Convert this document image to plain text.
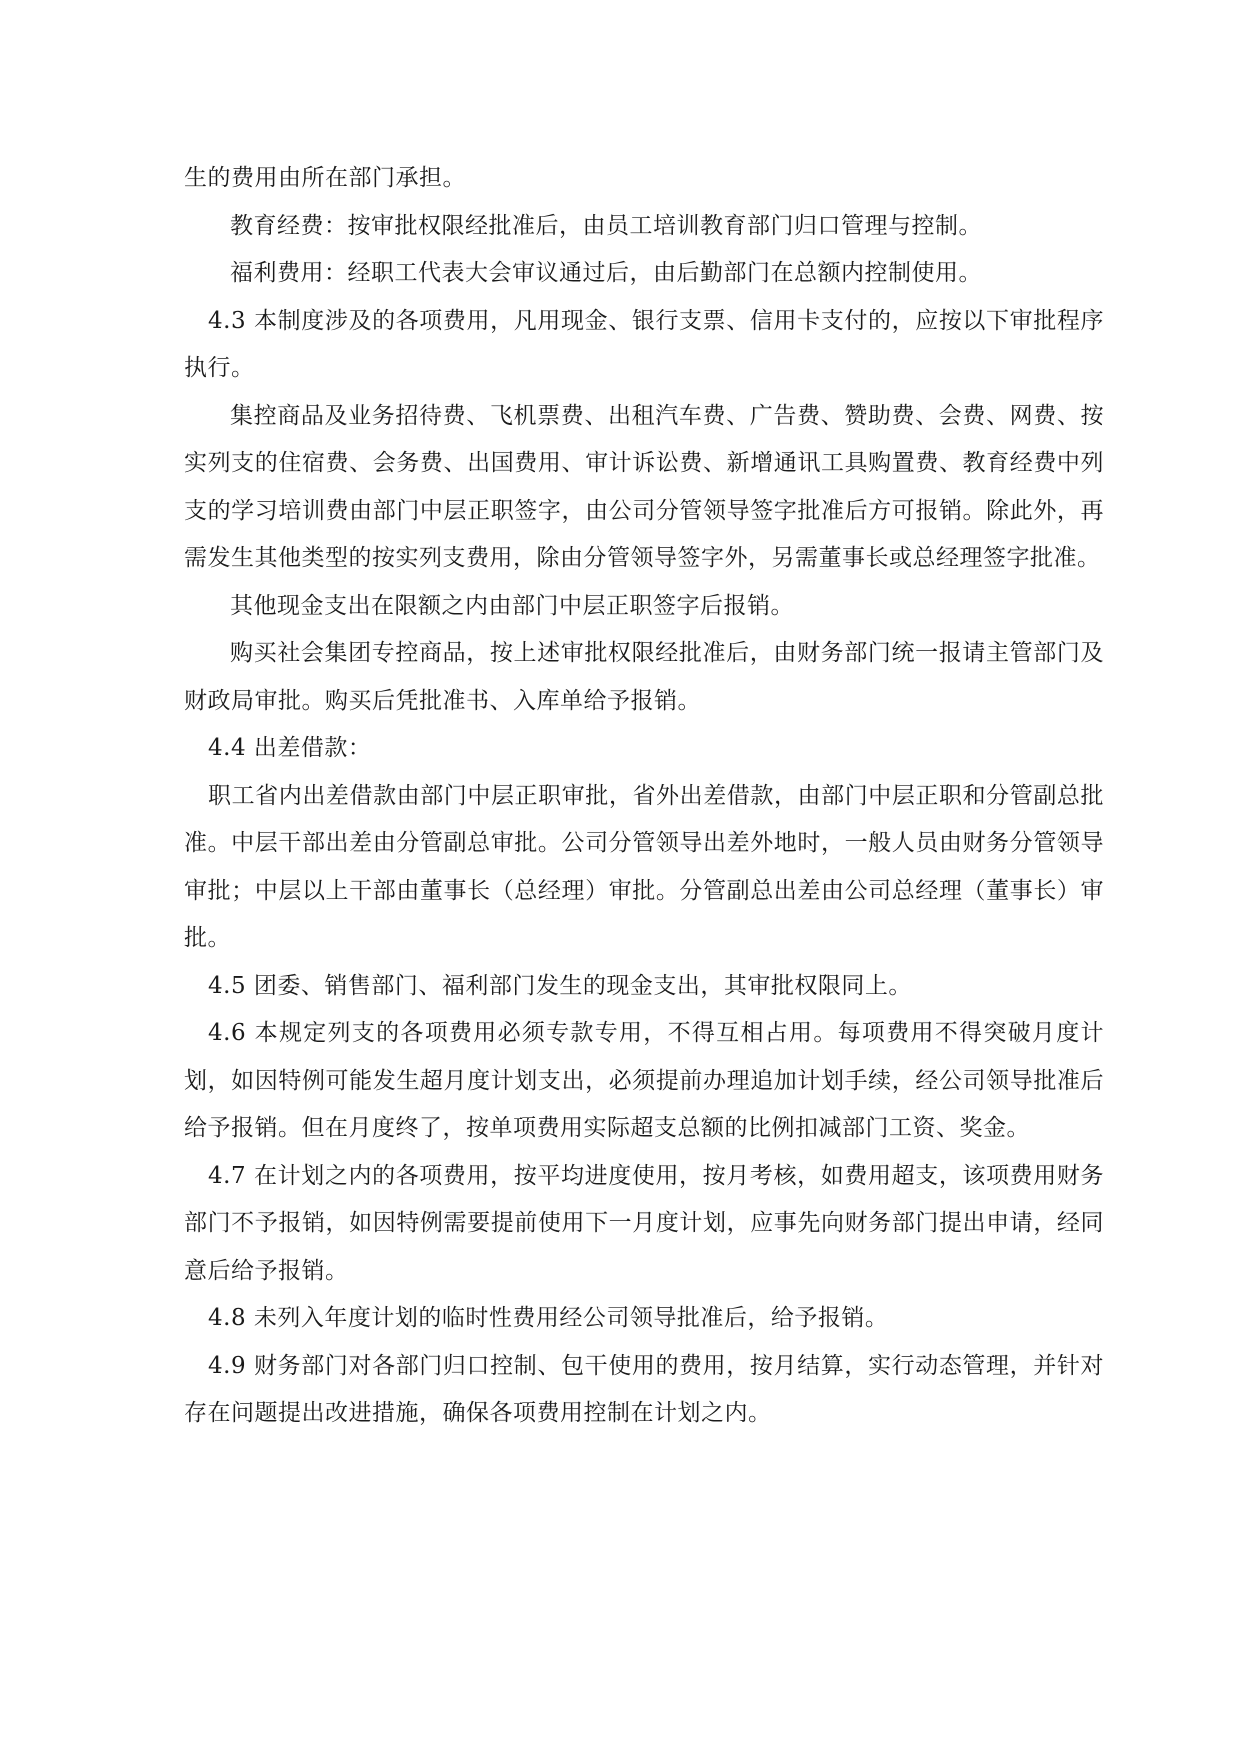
生的费用由所在部门承担。

教育经费：按审批权限经批准后，由员工培训教育部门归口管理与控制。

福利费用：经职工代表大会审议通过后，由后勤部门在总额内控制使用。

4.3 本制度涉及的各项费用，凡用现金、银行支票、信用卡支付的，应按以下审批程序执行。

集控商品及业务招待费、飞机票费、出租汽车费、广告费、赞助费、会费、网费、按实列支的住宿费、会务费、出国费用、审计诉讼费、新增通讯工具购置费、教育经费中列支的学习培训费由部门中层正职签字，由公司分管领导签字批准后方可报销。除此外，再需发生其他类型的按实列支费用，除由分管领导签字外，另需董事长或总经理签字批准。

其他现金支出在限额之内由部门中层正职签字后报销。

购买社会集团专控商品，按上述审批权限经批准后，由财务部门统一报请主管部门及财政局审批。购买后凭批准书、入库单给予报销。

4.4 出差借款：

职工省内出差借款由部门中层正职审批，省外出差借款，由部门中层正职和分管副总批准。中层干部出差由分管副总审批。公司分管领导出差外地时，一般人员由财务分管领导审批；中层以上干部由董事长（总经理）审批。分管副总出差由公司总经理（董事长）审批。

4.5 团委、销售部门、福利部门发生的现金支出，其审批权限同上。

4.6 本规定列支的各项费用必须专款专用，不得互相占用。每项费用不得突破月度计划，如因特例可能发生超月度计划支出，必须提前办理追加计划手续，经公司领导批准后给予报销。但在月度终了，按单项费用实际超支总额的比例扣减部门工资、奖金。

4.7 在计划之内的各项费用，按平均进度使用，按月考核，如费用超支，该项费用财务部门不予报销，如因特例需要提前使用下一月度计划，应事先向财务部门提出申请，经同意后给予报销。

4.8 未列入年度计划的临时性费用经公司领导批准后，给予报销。

4.9 财务部门对各部门归口控制、包干使用的费用，按月结算，实行动态管理，并针对存在问题提出改进措施，确保各项费用控制在计划之内。
